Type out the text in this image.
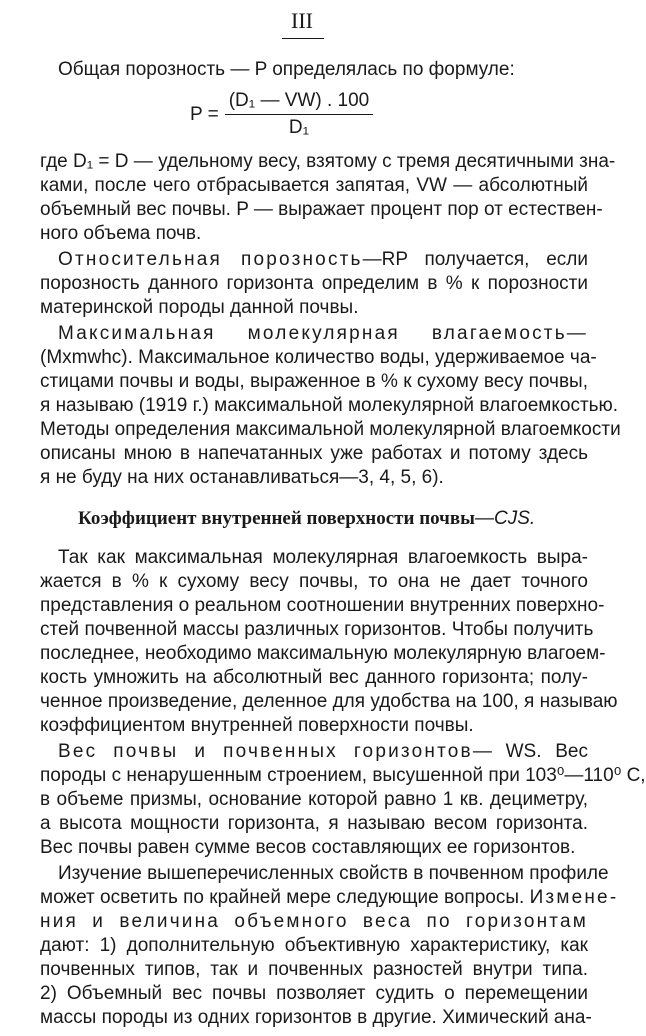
III
Общая порозность — P определялась по формуле:
$P = \frac{\text{(D₁ — VW) . 100}}{\text{D₁}}$
где D₁ = D — удельному весу, взятому с тремя десятичными зна-
ками, после чего отбрасывается запятая, VW — абсолютный
объемный вес почвы. P — выражает процент пор от естествен-
ного объема почв.
Относительная порозность—RP получается, если
порозность данного горизонта определим в % к порозности
материнской породы данной почвы.
Максимальная молекулярная влагаемость—
(Mxmwhc). Максимальное количество воды, удерживаемое ча-
стицами почвы и воды, выраженное в % к сухому весу почвы,
я называю (1919 г.) максимальной молекулярной влагоемкостью.
Методы определения максимальной молекулярной влагоемкости
описаны мною в напечатанных уже работах и потому здесь
я не буду на них останавливаться—3, 4, 5, 6).
Коэффициент внутренней поверхности почвы—CJS.
Так как максимальная молекулярная влагоемкость выра-
жается в % к сухому весу почвы, то она не дает точного
представления о реальном соотношении внутренних поверхно-
стей почвенной массы различных горизонтов. Чтобы получить
последнее, необходимо максимальную молекулярную влагоем-
кость умножить на абсолютный вес данного горизонта; полу-
ченное произведение, деленное для удобства на 100, я называю
коэффициентом внутренней поверхности почвы.
Вес почвы и почвенных горизонтов— WS. Вес
породы с ненарушенным строением, высушенной при 103⁰—110⁰ С,
в объеме призмы, основание которой равно 1 кв. дециметру,
а высота мощности горизонта, я называю весом горизонта.
Вес почвы равен сумме весов составляющих ее горизонтов.
Изучение вышеперечисленных свойств в почвенном профиле
может осветить по крайней мере следующие вопросы. Измене-
ния и величина объемного веса по горизонтам
дают: 1) дополнительную объективную характеристику, как
почвенных типов, так и почвенных разностей внутри типа.
2) Объемный вес почвы позволяет судить о перемещении
массы породы из одних горизонтов в другие. Химический ана-
